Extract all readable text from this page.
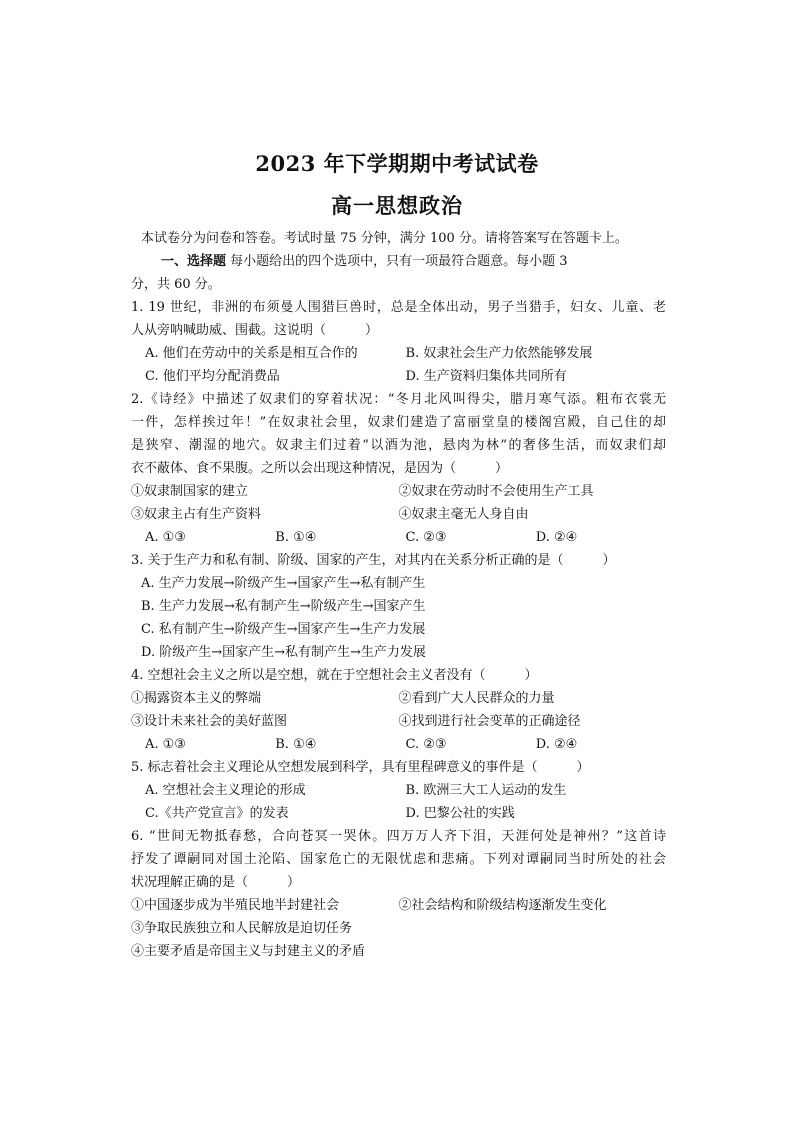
2023 年下学期期中考试试卷
高一思想政治
本试卷分为问卷和答卷。考试时量 75 分钟，满分 100 分。请将答案写在答题卡上。
一、选择题 每小题给出的四个选项中，只有一项最符合题意。每小题 3
分，共 60 分。
1. 19 世纪，非洲的布须曼人围猎巨兽时，总是全体出动，男子当猎手，妇女、儿童、老
人从旁呐喊助威、围截。这说明（　　　）
A. 他们在劳动中的关系是相互合作的	B. 奴隶社会生产力依然能够发展
C. 他们平均分配消费品	D. 生产资料归集体共同所有
2.《诗经》中描述了奴隶们的穿着状况：“冬月北风叫得尖，腊月寒气添。粗布衣裳无
一件，怎样挨过年！”在奴隶社会里，奴隶们建造了富丽堂皇的楼阁宫殿，自己住的却
是狭窄、潮湿的地穴。奴隶主们过着“以酒为池，悬肉为林”的奢侈生活，而奴隶们却
衣不蔽体、食不果腹。之所以会出现这种情况，是因为（　　　）
①奴隶制国家的建立	②奴隶在劳动时不会使用生产工具
③奴隶主占有生产资料	④奴隶主毫无人身自由
A. ①③	B. ①④	C. ②③	D. ②④
3. 关于生产力和私有制、阶级、国家的产生，对其内在关系分析正确的是（　　　）
A. 生产力发展→阶级产生→国家产生→私有制产生
B. 生产力发展→私有制产生→阶级产生→国家产生
C. 私有制产生→阶级产生→国家产生→生产力发展
D. 阶级产生→国家产生→私有制产生→生产力发展
4. 空想社会主义之所以是空想，就在于空想社会主义者没有（　　　）
①揭露资本主义的弊端	②看到广大人民群众的力量
③设计未来社会的美好蓝图	④找到进行社会变革的正确途径
A. ①③	B. ①④	C. ②③	D. ②④
5. 标志着社会主义理论从空想发展到科学，具有里程碑意义的事件是（　　　）
A. 空想社会主义理论的形成	B. 欧洲三大工人运动的发生
C.《共产党宣言》的发表	D. 巴黎公社的实践
6. “世间无物抵春愁，合向苍冥一哭休。四万万人齐下泪，天涯何处是神州？”这首诗
抒发了谭嗣同对国土沦陷、国家危亡的无限忧虑和悲痛。下列对谭嗣同当时所处的社会
状况理解正确的是（　　　）
①中国逐步成为半殖民地半封建社会	②社会结构和阶级结构逐渐发生变化
③争取民族独立和人民解放是迫切任务
④主要矛盾是帝国主义与封建主义的矛盾
